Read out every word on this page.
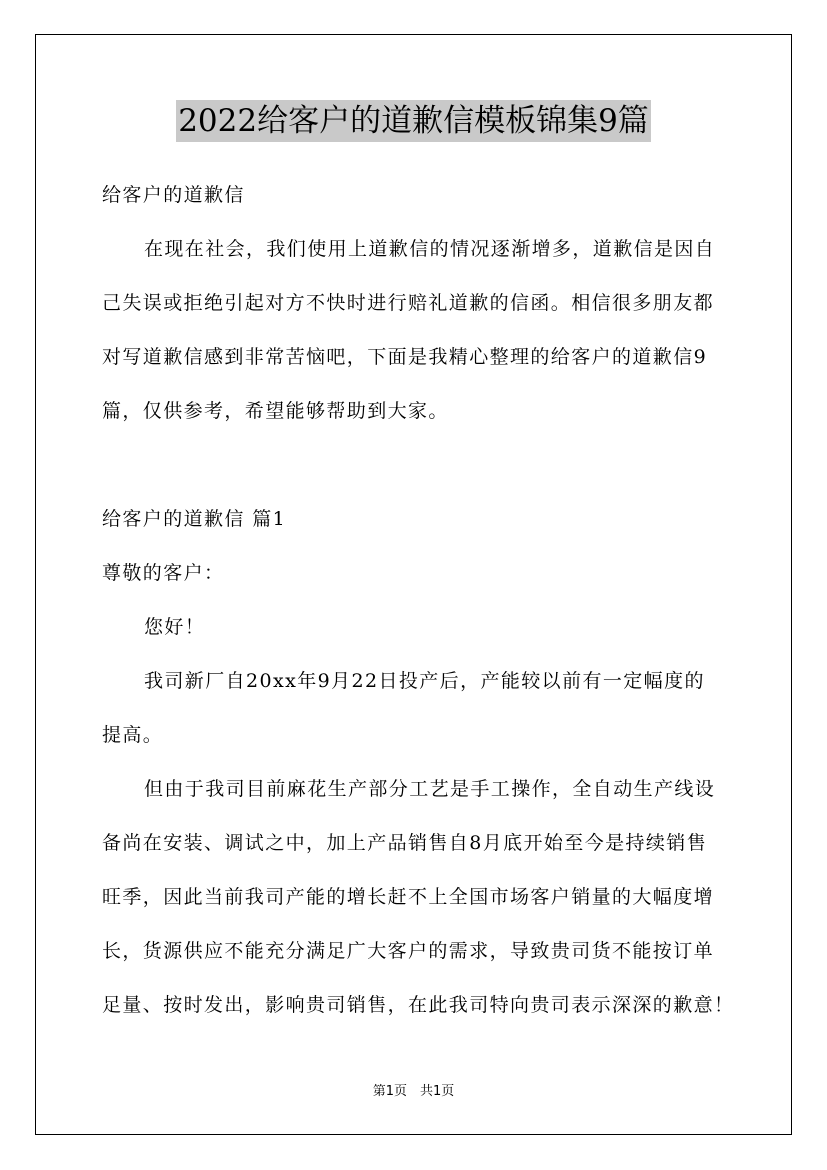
2022给客户的道歉信模板锦集9篇
给客户的道歉信
在现在社会，我们使用上道歉信的情况逐渐增多，道歉信是因自
己失误或拒绝引起对方不快时进行赔礼道歉的信函。相信很多朋友都
对写道歉信感到非常苦恼吧，下面是我精心整理的给客户的道歉信9
篇，仅供参考，希望能够帮助到大家。
给客户的道歉信 篇1
尊敬的客户：
您好！
我司新厂自20xx年9月22日投产后，产能较以前有一定幅度的
提高。
但由于我司目前麻花生产部分工艺是手工操作，全自动生产线设
备尚在安装、调试之中，加上产品销售自8月底开始至今是持续销售
旺季，因此当前我司产能的增长赶不上全国市场客户销量的大幅度增
长，货源供应不能充分满足广大客户的需求，导致贵司货不能按订单
足量、按时发出，影响贵司销售，在此我司特向贵司表示深深的歉意！
第1页　共1页
